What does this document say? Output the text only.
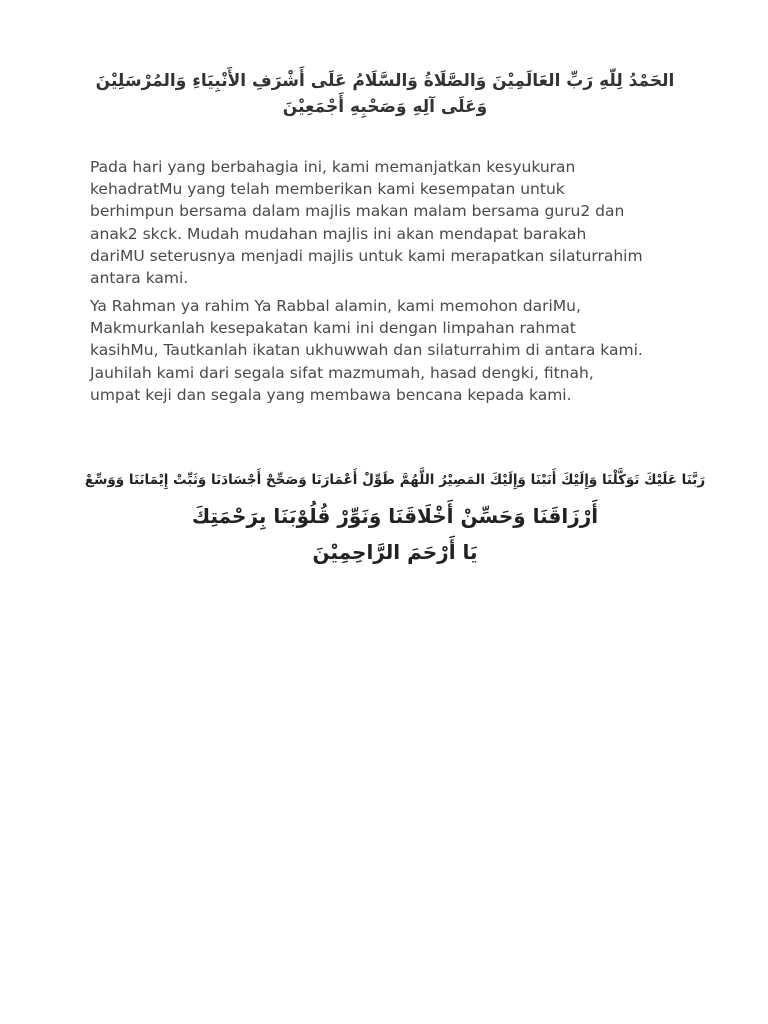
الحَمْدُ لِلّهِ رَبِّ العَالَمِيْنَ وَالصَّلَاةُ وَالسَّلَامُ عَلَى أَشْرَفِ الأَنْبِيَاءِ وَالمُرْسَلِيْنَ
وَعَلَى آلِهِ وَصَحْبِهِ أَجْمَعِيْنَ
Pada hari yang berbahagia ini, kami memanjatkan kesyukuran
kehadratMu yang telah memberikan kami kesempatan untuk
berhimpun bersama dalam majlis makan malam bersama guru2 dan
anak2 skck. Mudah mudahan majlis ini akan mendapat barakah
dariMU seterusnya menjadi majlis untuk kami merapatkan silaturrahim
antara kami.
Ya Rahman ya rahim Ya Rabbal alamin, kami memohon dariMu,
Makmurkanlah kesepakatan kami ini dengan limpahan rahmat
kasihMu, Tautkanlah ikatan ukhuwwah dan silaturrahim di antara kami.
Jauhilah kami dari segala sifat mazmumah, hasad dengki, fitnah,
umpat keji dan segala yang membawa bencana kepada kami.
رَبَّنَا عَلَيْكَ تَوَكَّلْنَا وَإِلَيْكَ أَنَبْنَا وَإِلَيْكَ المَصِيْرُ اللَّهُمَّ طَوِّلْ أَعْمَارَنَا وَصَحِّحْ أَجْسَادَنَا وَثَبِّتْ إِيْمَانَنَا وَوَسِّعْ
أَرْزَاقَنَا وَحَسِّنْ أَخْلَاقَنَا وَنَوِّرْ قُلُوْبَنَا بِرَحْمَتِكَ
يَا أَرْحَمَ الرَّاحِمِيْنَ
